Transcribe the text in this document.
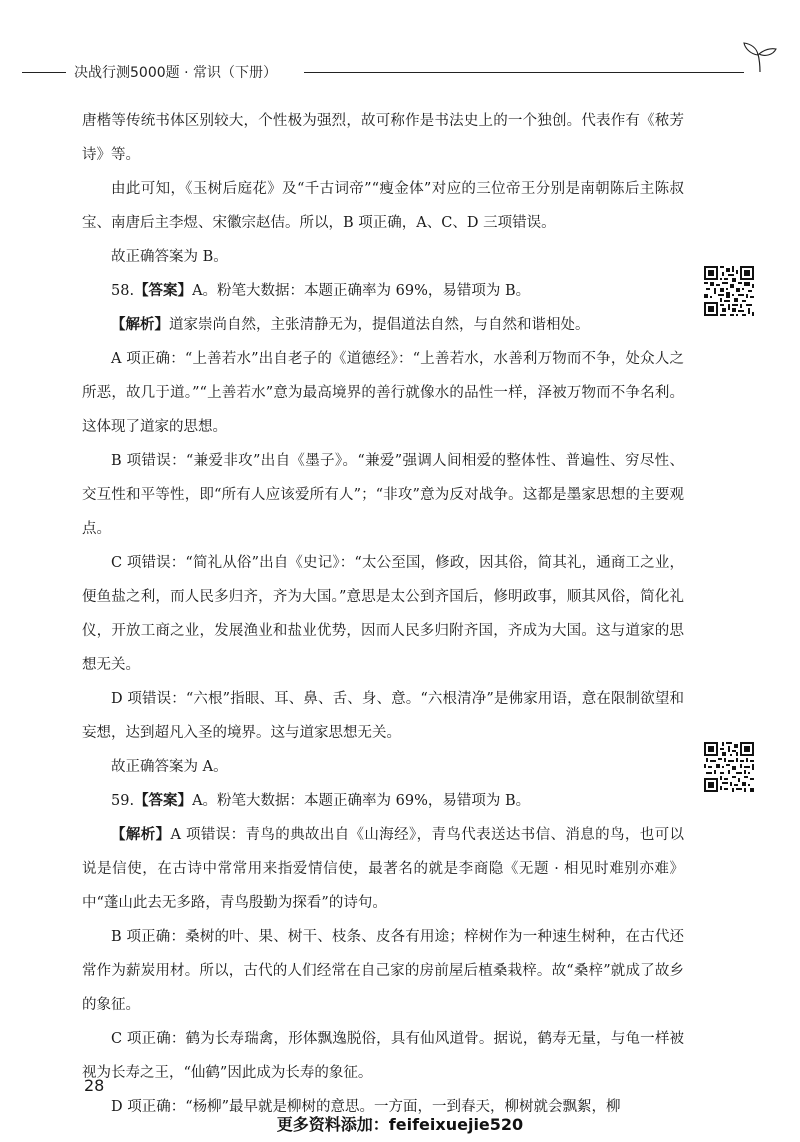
决战行测5000题 · 常识（下册）

唐楷等传统书体区别较大，个性极为强烈，故可称作是书法史上的一个独创。代表作有《秾芳诗》等。

由此可知，《玉树后庭花》及“千古词帝”“瘦金体”对应的三位帝王分别是南朝陈后主陈叔宝、南唐后主李煜、宋徽宗赵佶。所以，B 项正确，A、C、D 三项错误。

故正确答案为 B。

58.【答案】A。粉笔大数据：本题正确率为 69%，易错项为 B。

【解析】道家崇尚自然，主张清静无为，提倡道法自然，与自然和谐相处。

A 项正确：“上善若水”出自老子的《道德经》：“上善若水，水善利万物而不争，处众人之所恶，故几于道。”“上善若水”意为最高境界的善行就像水的品性一样，泽被万物而不争名利。这体现了道家的思想。

B 项错误：“兼爱非攻”出自《墨子》。“兼爱”强调人间相爱的整体性、普遍性、穷尽性、交互性和平等性，即“所有人应该爱所有人”；“非攻”意为反对战争。这都是墨家思想的主要观点。

C 项错误：“简礼从俗”出自《史记》：“太公至国，修政，因其俗，简其礼，通商工之业，便鱼盐之利，而人民多归齐，齐为大国。”意思是太公到齐国后，修明政事，顺其风俗，简化礼仪，开放工商之业，发展渔业和盐业优势，因而人民多归附齐国，齐成为大国。这与道家的思想无关。

D 项错误：“六根”指眼、耳、鼻、舌、身、意。“六根清净”是佛家用语，意在限制欲望和妄想，达到超凡入圣的境界。这与道家思想无关。

故正确答案为 A。

59.【答案】A。粉笔大数据：本题正确率为 69%，易错项为 B。

【解析】A 项错误：青鸟的典故出自《山海经》，青鸟代表送达书信、消息的鸟，也可以说是信使，在古诗中常常用来指爱情信使，最著名的就是李商隐《无题 · 相见时难别亦难》中“蓬山此去无多路，青鸟殷勤为探看”的诗句。

B 项正确：桑树的叶、果、树干、枝条、皮各有用途；梓树作为一种速生树种，在古代还常作为薪炭用材。所以，古代的人们经常在自己家的房前屋后植桑栽梓。故“桑梓”就成了故乡的象征。

C 项正确：鹤为长寿瑞禽，形体飘逸脱俗，具有仙风道骨。据说，鹤寿无量，与龟一样被视为长寿之王，“仙鹤”因此成为长寿的象征。

D 项正确：“杨柳”最早就是柳树的意思。一方面，一到春天，柳树就会飘絮，柳

28
更多资料添加：feifeixuejie520
